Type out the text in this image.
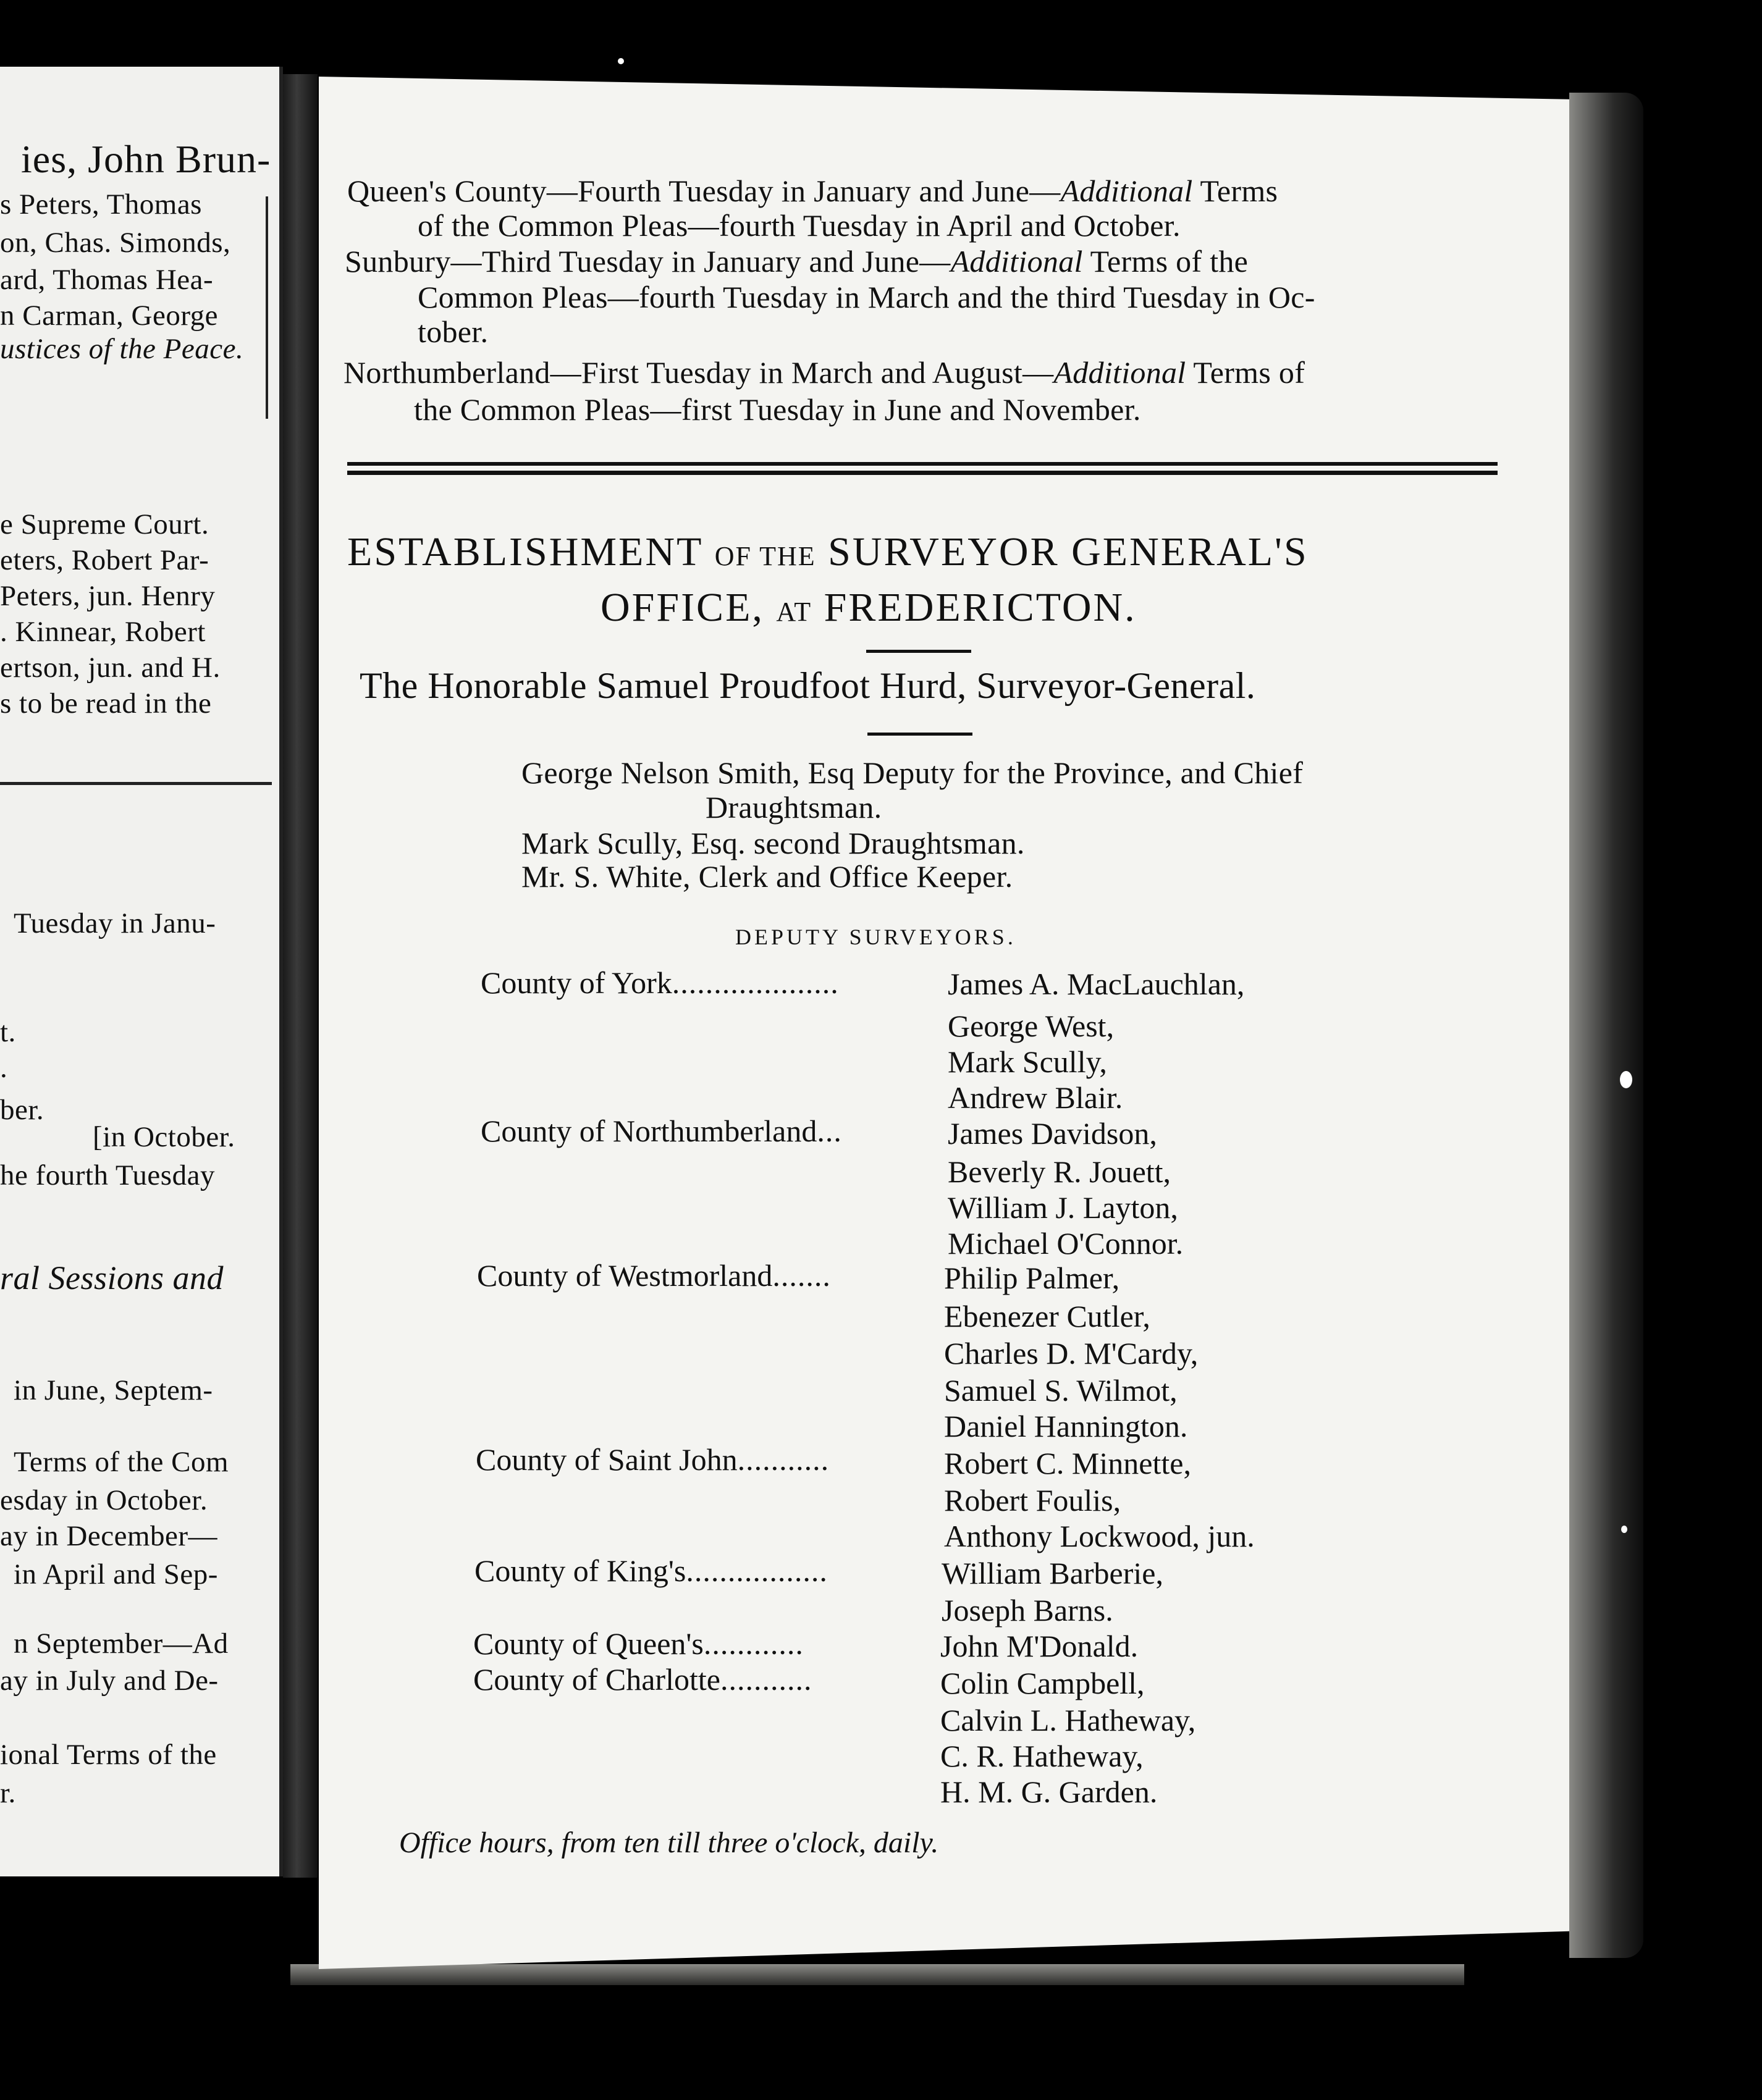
ies, John Brun-
s Peters, Thomas
on, Chas. Simonds,
ard, Thomas Hea-
n Carman, George
ustices of the Peace.
e Supreme Court.
eters, Robert Par-
Peters, jun. Henry
. Kinnear, Robert
ertson, jun. and H.
s to be read in the
Tuesday in Janu-
t.
.
ber.
[in October.
he fourth Tuesday
ral Sessions and
in June, Septem-
Terms of the Com
esday in October.
ay in December—
in April and Sep-
n September—Ad
ay in July and De-
ional Terms of the
r.
Queen's County—Fourth Tuesday in January and June—Additional Terms
of the Common Pleas—fourth Tuesday in April and October.
Sunbury—Third Tuesday in January and June—Additional Terms of the
Common Pleas—fourth Tuesday in March and the third Tuesday in Oc-
tober.
Northumberland—First Tuesday in March and August—Additional Terms of
the Common Pleas—first Tuesday in June and November.
ESTABLISHMENT OF THE SURVEYOR GENERAL'S
OFFICE, AT FREDERICTON.
The Honorable Samuel Proudfoot Hurd, Surveyor-General.
George Nelson Smith, Esq Deputy for the Province, and Chief
Draughtsman.
Mark Scully, Esq. second Draughtsman.
Mr. S. White, Clerk and Office Keeper.
DEPUTY SURVEYORS.
County of York....................	James A. MacLauchlan,
George West,
Mark Scully,
Andrew Blair.
County of Northumberland...	James Davidson,
Beverly R. Jouett,
William J. Layton,
Michael O'Connor.
County of Westmorland.......	Philip Palmer,
Ebenezer Cutler,
Charles D. M'Cardy,
Samuel S. Wilmot,
Daniel Hannington.
County of Saint John...........	Robert C. Minnette,
Robert Foulis,
Anthony Lockwood, jun.
County of King's.................	William Barberie,
Joseph Barns.
County of Queen's............	John M'Donald.
County of Charlotte...........	Colin Campbell,
Calvin L. Hatheway,
C. R. Hatheway,
H. M. G. Garden.
Office hours, from ten till three o'clock, daily.
